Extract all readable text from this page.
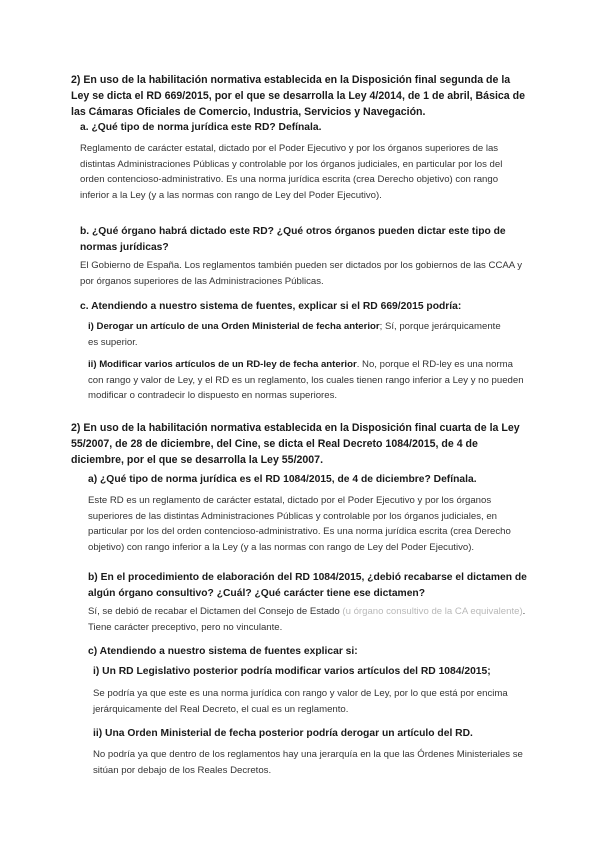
2) En uso de la habilitación normativa establecida en la Disposición final segunda de la Ley se dicta el RD 669/2015, por el que se desarrolla la Ley 4/2014, de 1 de abril, Básica de las Cámaras Oficiales de Comercio, Industria, Servicios y Navegación.

a. ¿Qué tipo de norma jurídica este RD? Defínala.

Reglamento de carácter estatal, dictado por el Poder Ejecutivo y por los órganos superiores de las distintas Administraciones Públicas y controlable por los órganos judiciales, en particular por los del orden contencioso-administrativo. Es una norma jurídica escrita (crea Derecho objetivo) con rango inferior a la Ley (y a las normas con rango de Ley del Poder Ejecutivo).

b. ¿Qué órgano habrá dictado este RD? ¿Qué otros órganos pueden dictar este tipo de normas jurídicas?

El Gobierno de España. Los reglamentos también pueden ser dictados por los gobiernos de las CCAA y por órganos superiores de las Administraciones Públicas.

c. Atendiendo a nuestro sistema de fuentes, explicar si el RD 669/2015 podría:

i) Derogar un artículo de una Orden Ministerial de fecha anterior; Sí, porque jerárquicamente es superior.

ii) Modificar varios artículos de un RD-ley de fecha anterior. No, porque el RD-ley es una norma con rango y valor de Ley, y el RD es un reglamento, los cuales tienen rango inferior a Ley y no pueden modificar o contradecir lo dispuesto en normas superiores.

2) En uso de la habilitación normativa establecida en la Disposición final cuarta de la Ley 55/2007, de 28 de diciembre, del Cine, se dicta el Real Decreto 1084/2015, de 4 de diciembre, por el que se desarrolla la Ley 55/2007.

a) ¿Qué tipo de norma jurídica es el RD 1084/2015, de 4 de diciembre? Defínala.

Este RD es un reglamento de carácter estatal, dictado por el Poder Ejecutivo y por los órganos superiores de las distintas Administraciones Públicas y controlable por los órganos judiciales, en particular por los del orden contencioso-administrativo. Es una norma jurídica escrita (crea Derecho objetivo) con rango inferior a la Ley (y a las normas con rango de Ley del Poder Ejecutivo).

b) En el procedimiento de elaboración del RD 1084/2015, ¿debió recabarse el dictamen de algún órgano consultivo? ¿Cuál? ¿Qué carácter tiene ese dictamen?

Sí, se debió de recabar el Dictamen del Consejo de Estado (u órgano consultivo de la CA equivalente). Tiene carácter preceptivo, pero no vinculante.

c) Atendiendo a nuestro sistema de fuentes explicar si:

i) Un RD Legislativo posterior podría modificar varios artículos del RD 1084/2015;

Se podría ya que este es una norma jurídica con rango y valor de Ley, por lo que está por encima jerárquicamente del Real Decreto, el cual es un reglamento.

ii) Una Orden Ministerial de fecha posterior podría derogar un artículo del RD.

No podría ya que dentro de los reglamentos hay una jerarquía en la que las Órdenes Ministeriales se sitúan por debajo de los Reales Decretos.
